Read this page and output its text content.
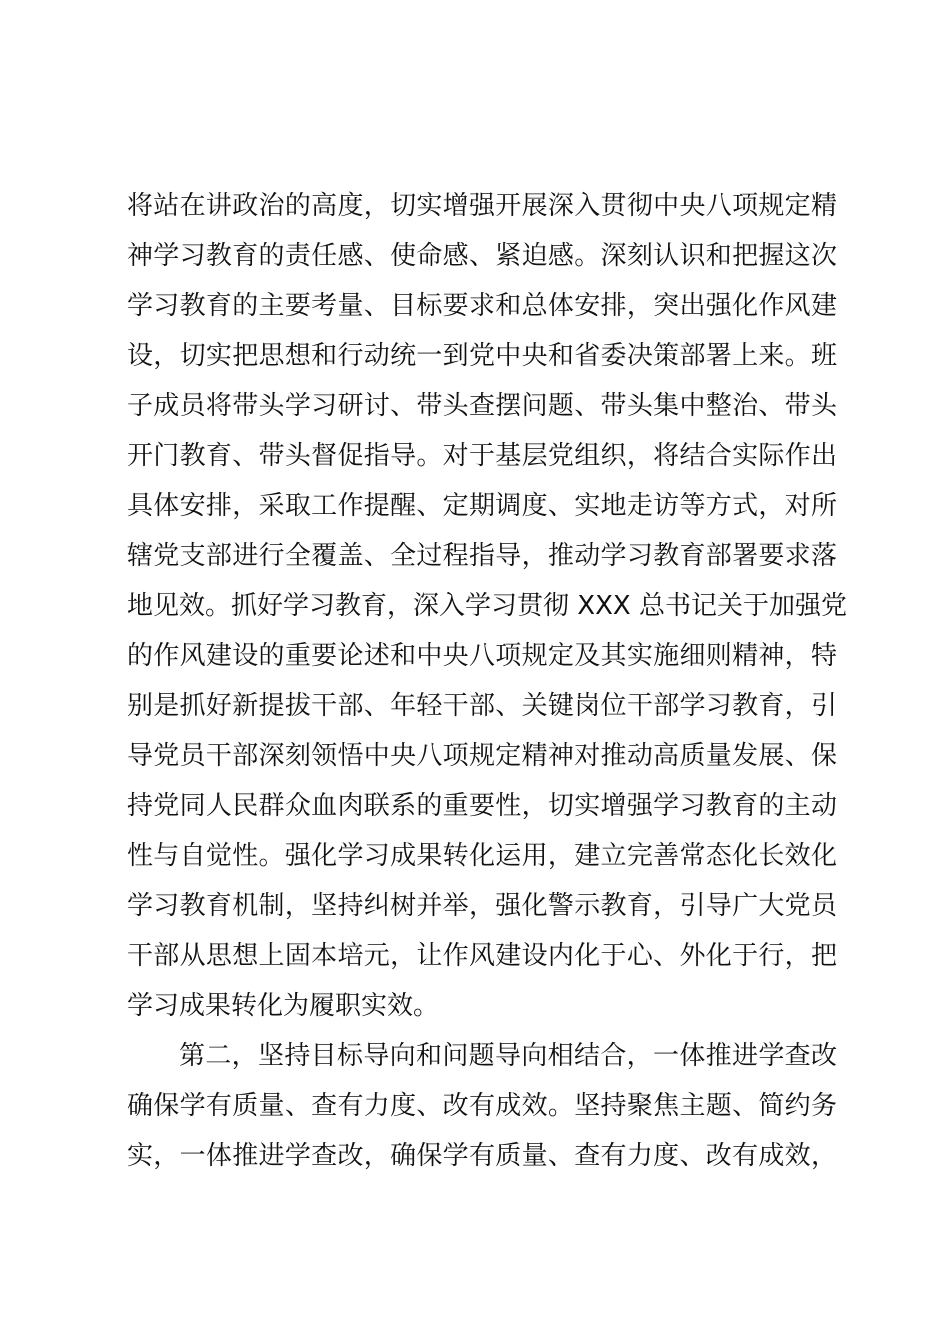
将站在讲政治的高度，切实增强开展深入贯彻中央八项规定精
神学习教育的责任感、使命感、紧迫感。深刻认识和把握这次
学习教育的主要考量、目标要求和总体安排，突出强化作风建
设，切实把思想和行动统一到党中央和省委决策部署上来。班
子成员将带头学习研讨、带头查摆问题、带头集中整治、带头
开门教育、带头督促指导。对于基层党组织，将结合实际作出
具体安排，采取工作提醒、定期调度、实地走访等方式，对所
辖党支部进行全覆盖、全过程指导，推动学习教育部署要求落
地见效。抓好学习教育，深入学习贯彻 XXX 总书记关于加强党
的作风建设的重要论述和中央八项规定及其实施细则精神，特
别是抓好新提拔干部、年轻干部、关键岗位干部学习教育，引
导党员干部深刻领悟中央八项规定精神对推动高质量发展、保
持党同人民群众血肉联系的重要性，切实增强学习教育的主动
性与自觉性。强化学习成果转化运用，建立完善常态化长效化
学习教育机制，坚持纠树并举，强化警示教育，引导广大党员
干部从思想上固本培元，让作风建设内化于心、外化于行，把
学习成果转化为履职实效。
第二，坚持目标导向和问题导向相结合，一体推进学查改
确保学有质量、查有力度、改有成效。坚持聚焦主题、简约务
实，一体推进学查改，确保学有质量、查有力度、改有成效，
